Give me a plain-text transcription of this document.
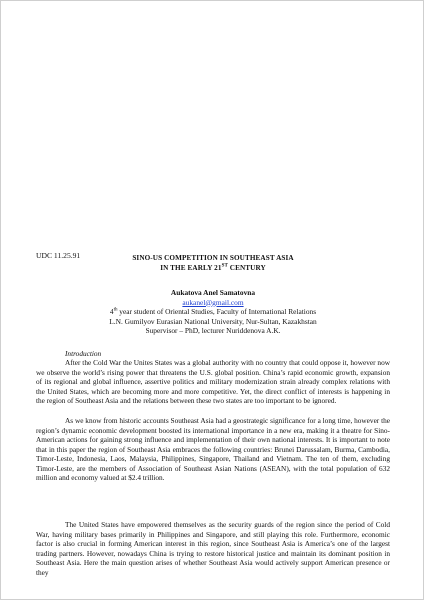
UDC 11.25.91	SINO-US COMPETITION IN SOUTHEAST ASIA
IN THE EARLY 21ST CENTURY
Aukatova Anel Samatovna
aukanel@gmail.com
4th year student of Oriental Studies, Faculty of International Relations
L.N. Gumilyov Eurasian National University, Nur-Sultan, Kazakhstan
Supervisor – PhD, lecturer Nuriddenova A.K.
Introduction

After the Cold War the Unites States was a global authority with no country that could oppose it, however now we observe the world’s rising power that threatens the U.S. global position. China’s rapid economic growth, expansion of its regional and global influence, assertive politics and military modernization strain already complex relations with the United States, which are becoming more and more competitive. Yet, the direct conflict of interests is happening in the region of Southeast Asia and the relations between these two states are too important to be ignored.

As we know from historic accounts Southeast Asia had a geostrategic significance for a long time, however the region’s dynamic economic development boosted its international importance in a new era, making it a theatre for Sino-American actions for gaining strong influence and implementation of their own national interests. It is important to note that in this paper the region of Southeast Asia embraces the following countries: Brunei Darussalam, Burma, Cambodia, Timor-Leste, Indonesia, Laos, Malaysia, Philippines, Singapore, Thailand and Vietnam. The ten of them, excluding Timor-Leste, are the members of Association of Southeast Asian Nations (ASEAN), with the total population of 632 million and economy valued at $2.4 trillion.

The United States have empowered themselves as the security guards of the region since the period of Cold War, having military bases primarily in Philippines and Singapore, and still playing this role. Furthermore, economic factor is also crucial in forming American interest in this region, since Southeast Asia is America’s one of the largest trading partners. However, nowadays China is trying to restore historical justice and maintain its dominant position in Southeast Asia. Here the main question arises of whether Southeast Asia would actively support American presence or they
